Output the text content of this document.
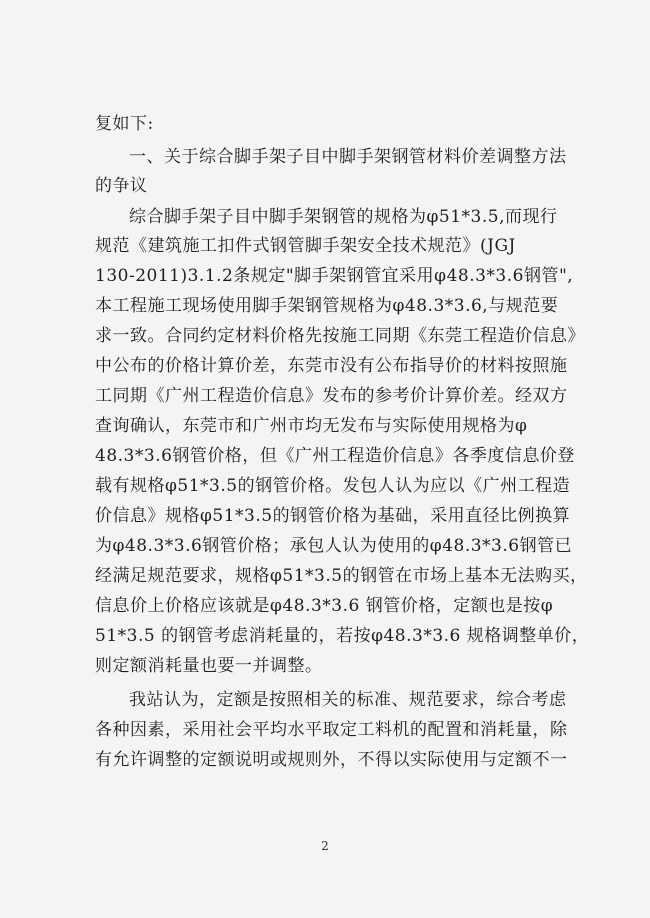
复如下:
一、关于综合脚手架子目中脚手架钢管材料价差调整方法
的争议
综合脚手架子目中脚手架钢管的规格为φ51*3.5,而现行
规范《建筑施工扣件式钢管脚手架安全技术规范》(JGJ
130-2011)3.1.2条规定"脚手架钢管宜采用φ48.3*3.6钢管",
本工程施工现场使用脚手架钢管规格为φ48.3*3.6,与规范要
求一致。合同约定材料价格先按施工同期《东莞工程造价信息》
中公布的价格计算价差，东莞市没有公布指导价的材料按照施
工同期《广州工程造价信息》发布的参考价计算价差。经双方
查询确认，东莞市和广州市均无发布与实际使用规格为φ
48.3*3.6钢管价格，但《广州工程造价信息》各季度信息价登
载有规格φ51*3.5的钢管价格。发包人认为应以《广州工程造
价信息》规格φ51*3.5的钢管价格为基础，采用直径比例换算
为φ48.3*3.6钢管价格；承包人认为使用的φ48.3*3.6钢管已
经满足规范要求，规格φ51*3.5的钢管在市场上基本无法购买，
信息价上价格应该就是φ48.3*3.6 钢管价格，定额也是按φ
51*3.5 的钢管考虑消耗量的，若按φ48.3*3.6 规格调整单价，
则定额消耗量也要一并调整。
我站认为，定额是按照相关的标准、规范要求，综合考虑
各种因素，采用社会平均水平取定工料机的配置和消耗量，除
有允许调整的定额说明或规则外，不得以实际使用与定额不一
2
